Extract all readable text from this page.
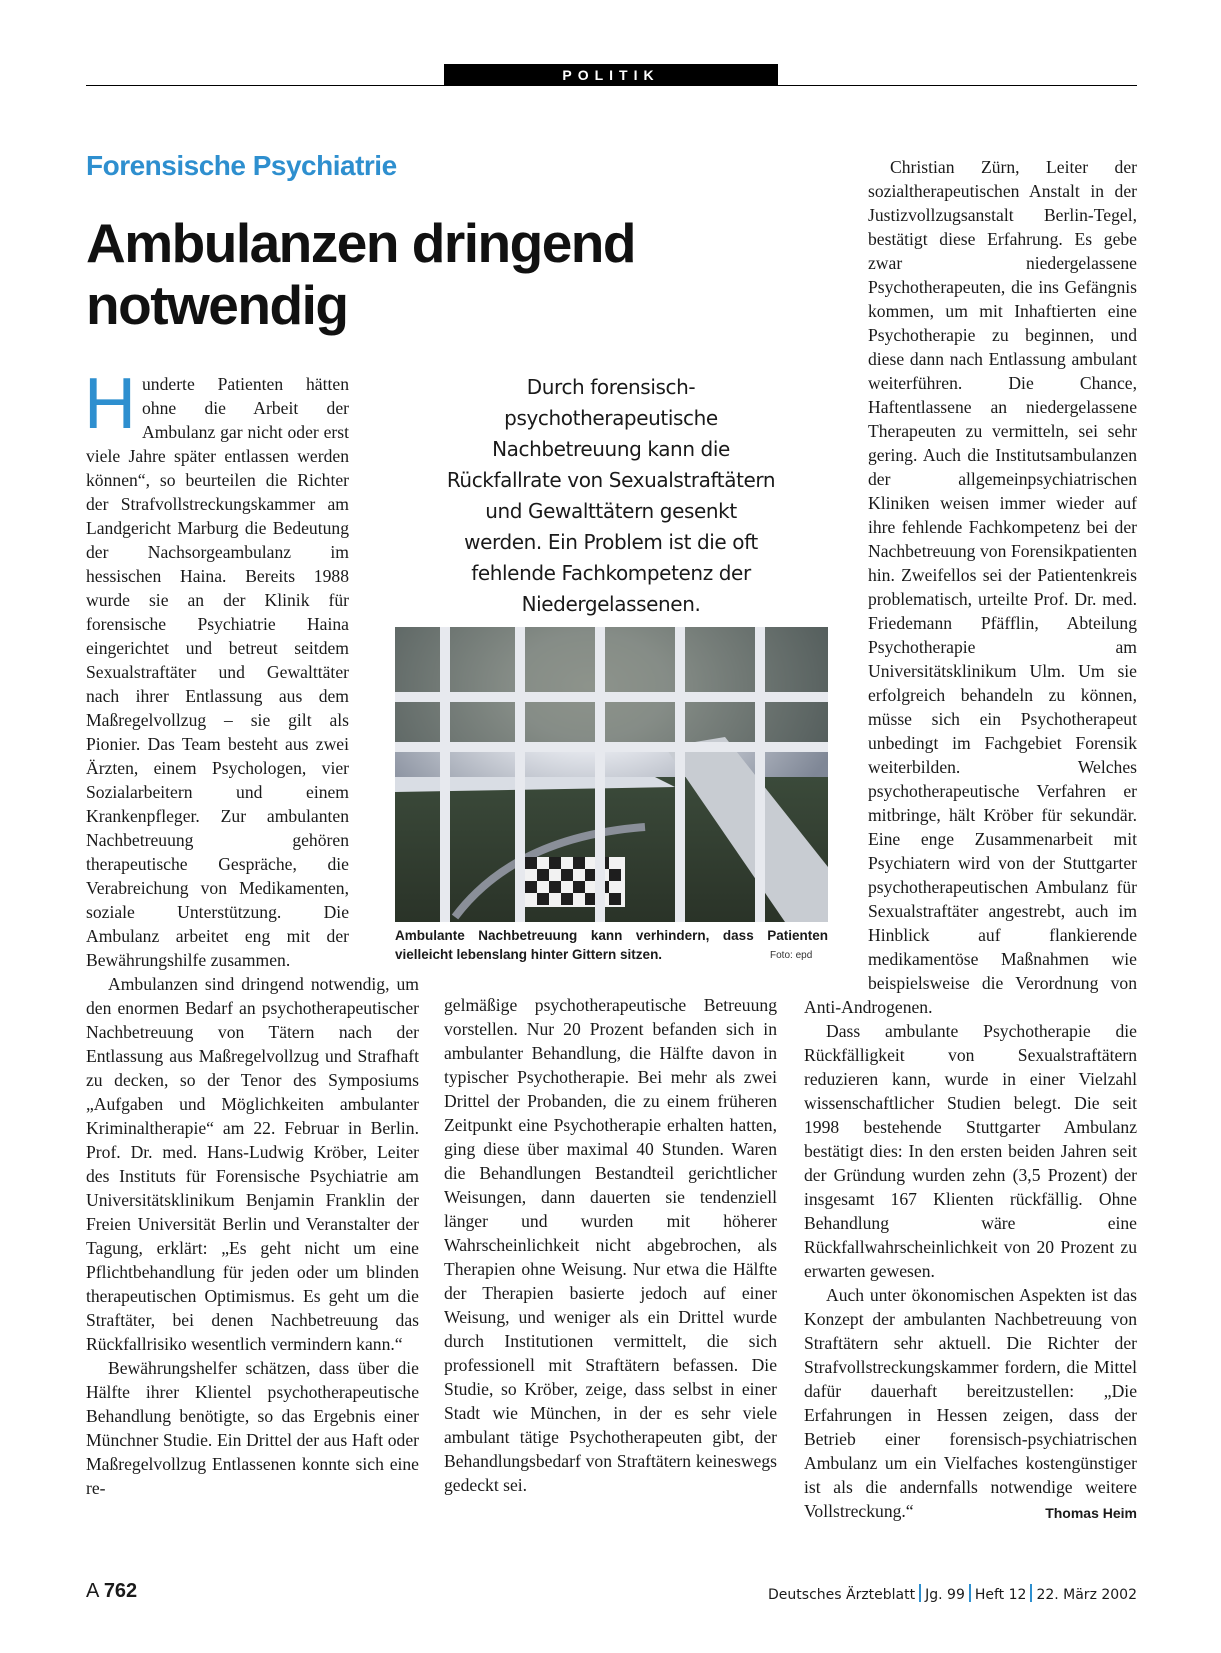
POLITIK
Forensische Psychiatrie
Ambulanzen dringend notwendig

Hunderte Patienten hätten ohne die Arbeit der Ambulanz gar nicht oder erst viele Jahre später entlassen werden können“, so beurteilen die Richter der Strafvollstreckungskammer am Landgericht Marburg die Bedeutung der Nachsorgeambulanz im hessischen Haina. Bereits 1988 wurde sie an der Klinik für forensische Psychiatrie Haina eingerichtet und betreut seitdem Sexualstraftäter und Gewalttäter nach ihrer Entlassung aus dem Maßregelvollzug – sie gilt als Pionier. Das Team besteht aus zwei Ärzten, einem Psychologen, vier Sozialarbeitern und einem Krankenpfleger. Zur ambulanten Nachbetreuung gehören therapeutische Gespräche, die Verabreichung von Medikamenten, soziale Unterstützung. Die Ambulanz arbeitet eng mit der Bewährungshilfe zusammen.

Ambulanzen sind dringend notwendig, um den enormen Bedarf an psychotherapeutischer Nachbetreuung von Tätern nach der Entlassung aus Maßregelvollzug und Strafhaft zu decken, so der Tenor des Symposiums „Aufgaben und Möglichkeiten ambulanter Kriminaltherapie“ am 22. Februar in Berlin. Prof. Dr. med. Hans-Ludwig Kröber, Leiter des Instituts für Forensische Psychiatrie am Universitätsklinikum Benjamin Franklin der Freien Universität Berlin und Veranstalter der Tagung, erklärt: „Es geht nicht um eine Pflichtbehandlung für jeden oder um blinden therapeutischen Optimismus. Es geht um die Straftäter, bei denen Nachbetreuung das Rückfallrisiko wesentlich vermindern kann.“

Bewährungshelfer schätzen, dass über die Hälfte ihrer Klientel psychotherapeutische Behandlung benötigte, so das Ergebnis einer Münchner Studie. Ein Drittel der aus Haft oder Maßregelvollzug Entlassenen konnte sich eine re-

Durch forensisch-psychotherapeutische Nachbetreuung kann die Rückfallrate von Sexualstraftätern und Gewalttätern gesenkt werden. Ein Problem ist die oft fehlende Fachkompetenz der Niedergelassenen.
Ambulante Nachbetreuung kann verhindern, dass Patienten vielleicht lebenslang hinter Gittern sitzen.	Foto: epd

gelmäßige psychotherapeutische Betreuung vorstellen. Nur 20 Prozent befanden sich in ambulanter Behandlung, die Hälfte davon in typischer Psychotherapie. Bei mehr als zwei Drittel der Probanden, die zu einem früheren Zeitpunkt eine Psychotherapie erhalten hatten, ging diese über maximal 40 Stunden. Waren die Behandlungen Bestandteil gerichtlicher Weisungen, dann dauerten sie tendenziell länger und wurden mit höherer Wahrscheinlichkeit nicht abgebrochen, als Therapien ohne Weisung. Nur etwa die Hälfte der Therapien basierte jedoch auf einer Weisung, und weniger als ein Drittel wurde durch Institutionen vermittelt, die sich professionell mit Straftätern befassen. Die Studie, so Kröber, zeige, dass selbst in einer Stadt wie München, in der es sehr viele ambulant tätige Psychotherapeuten gibt, der Behandlungsbedarf von Straftätern keineswegs gedeckt sei.

Christian Zürn, Leiter der sozialtherapeutischen Anstalt in der Justizvollzugsanstalt Berlin-Tegel, bestätigt diese Erfahrung. Es gebe zwar niedergelassene Psychotherapeuten, die ins Gefängnis kommen, um mit Inhaftierten eine Psychotherapie zu beginnen, und diese dann nach Entlassung ambulant weiterführen. Die Chance, Haftentlassene an niedergelassene Therapeuten zu vermitteln, sei sehr gering. Auch die Institutsambulanzen der allgemeinpsychiatrischen Kliniken weisen immer wieder auf ihre fehlende Fachkompetenz bei der Nachbetreuung von Forensikpatienten hin. Zweifellos sei der Patientenkreis problematisch, urteilte Prof. Dr. med. Friedemann Pfäfflin, Abteilung Psychotherapie am Universitätsklinikum Ulm. Um sie erfolgreich behandeln zu können, müsse sich ein Psychotherapeut unbedingt im Fachgebiet Forensik weiterbilden. Welches psychotherapeutische Verfahren er mitbringe, hält Kröber für sekundär. Eine enge Zusammenarbeit mit Psychiatern wird von der Stuttgarter psychotherapeutischen Ambulanz für Sexualstraftäter angestrebt, auch im Hinblick auf flankierende medikamentöse Maßnahmen wie beispielsweise die Verordnung von Anti-Androgenen.

Dass ambulante Psychotherapie die Rückfälligkeit von Sexualstraftätern reduzieren kann, wurde in einer Vielzahl wissenschaftlicher Studien belegt. Die seit 1998 bestehende Stuttgarter Ambulanz bestätigt dies: In den ersten beiden Jahren seit der Gründung wurden zehn (3,5 Prozent) der insgesamt 167 Klienten rückfällig. Ohne Behandlung wäre eine Rückfallwahrscheinlichkeit von 20 Prozent zu erwarten gewesen.

Auch unter ökonomischen Aspekten ist das Konzept der ambulanten Nachbetreuung von Straftätern sehr aktuell. Die Richter der Strafvollstreckungskammer fordern, die Mittel dafür dauerhaft bereitzustellen: „Die Erfahrungen in Hessen zeigen, dass der Betrieb einer forensisch-psychiatrischen Ambulanz um ein Vielfaches kostengünstiger ist als die andernfalls notwendige weitere Vollstreckung.“	Thomas Heim

A 762	Deutsches Ärzteblatt Jg. 99 Heft 12 22. März 2002
